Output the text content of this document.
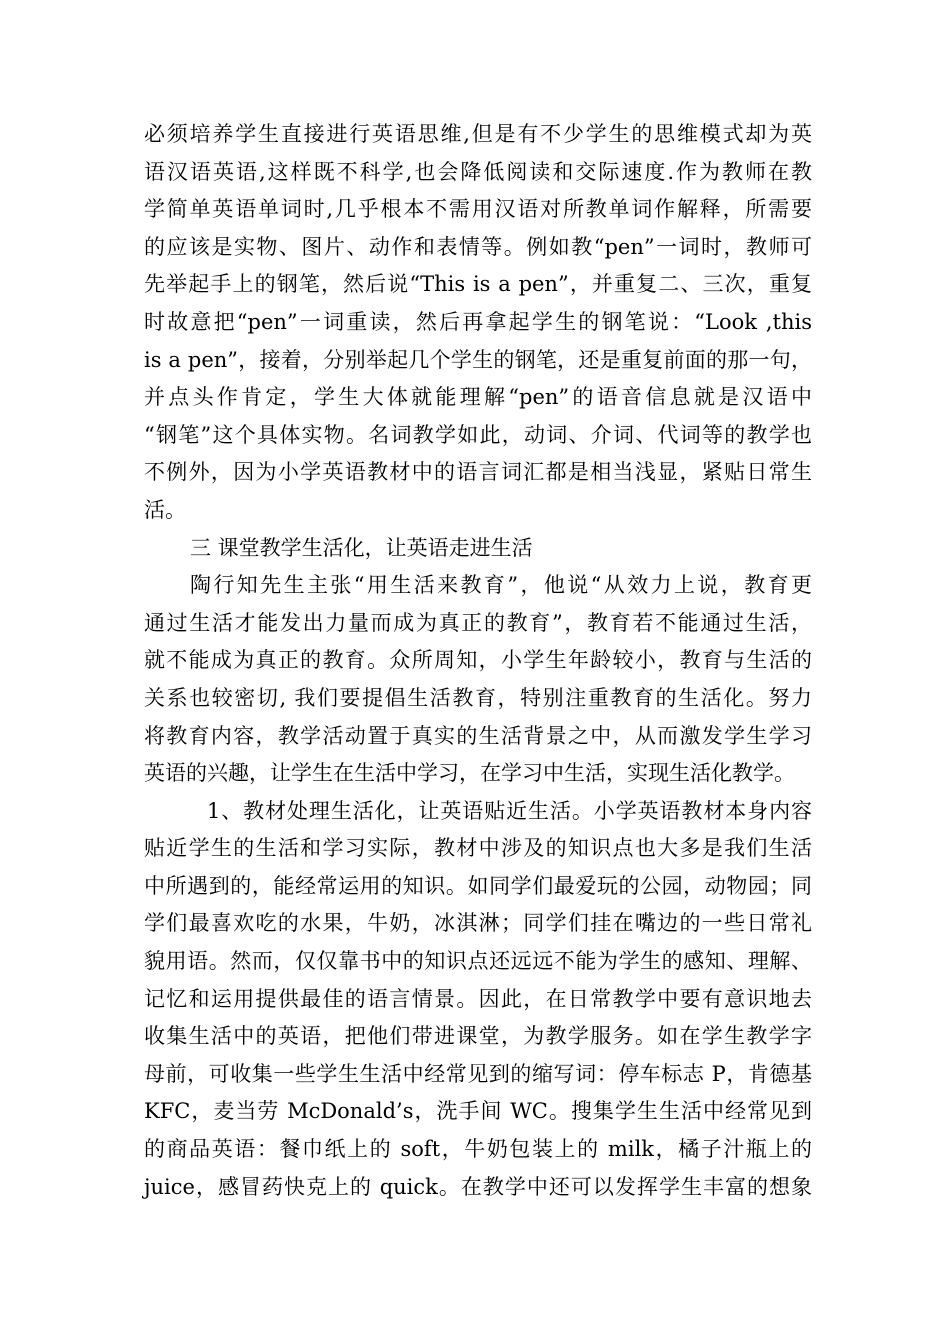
必须培养学生直接进行英语思维,但是有不少学生的思维模式却为英
语汉语英语,这样既不科学,也会降低阅读和交际速度.作为教师在教
学简单英语单词时,几乎根本不需用汉语对所教单词作解释，所需要
的应该是实物、图片、动作和表情等。例如教“pen”一词时，教师可
先举起手上的钢笔，然后说“This is a pen”，并重复二、三次，重复
时故意把“pen”一词重读，然后再拿起学生的钢笔说：“Look ,this
is a pen”，接着，分别举起几个学生的钢笔，还是重复前面的那一句，
并点头作肯定，学生大体就能理解“pen”的语音信息就是汉语中
“钢笔”这个具体实物。名词教学如此，动词、介词、代词等的教学也
不例外，因为小学英语教材中的语言词汇都是相当浅显，紧贴日常生
活。
三 课堂教学生活化，让英语走进生活
陶行知先生主张“用生活来教育”，他说“从效力上说，教育更
通过生活才能发出力量而成为真正的教育”，教育若不能通过生活，
就不能成为真正的教育。众所周知，小学生年龄较小，教育与生活的
关系也较密切, 我们要提倡生活教育，特别注重教育的生活化。努力
将教育内容，教学活动置于真实的生活背景之中，从而激发学生学习
英语的兴趣，让学生在生活中学习，在学习中生活，实现生活化教学。
1、教材处理生活化，让英语贴近生活。小学英语教材本身内容
贴近学生的生活和学习实际，教材中涉及的知识点也大多是我们生活
中所遇到的，能经常运用的知识。如同学们最爱玩的公园，动物园；同
学们最喜欢吃的水果，牛奶，冰淇淋；同学们挂在嘴边的一些日常礼
貌用语。然而，仅仅靠书中的知识点还远远不能为学生的感知、理解、
记忆和运用提供最佳的语言情景。因此，在日常教学中要有意识地去
收集生活中的英语，把他们带进课堂，为教学服务。如在学生教学字
母前，可收集一些学生生活中经常见到的缩写词：停车标志 P，肯德基
KFC，麦当劳 McDonald’s，洗手间 WC。搜集学生生活中经常见到
的商品英语：餐巾纸上的 soft，牛奶包装上的 milk，橘子汁瓶上的
juice，感冒药快克上的 quick。在教学中还可以发挥学生丰富的想象
